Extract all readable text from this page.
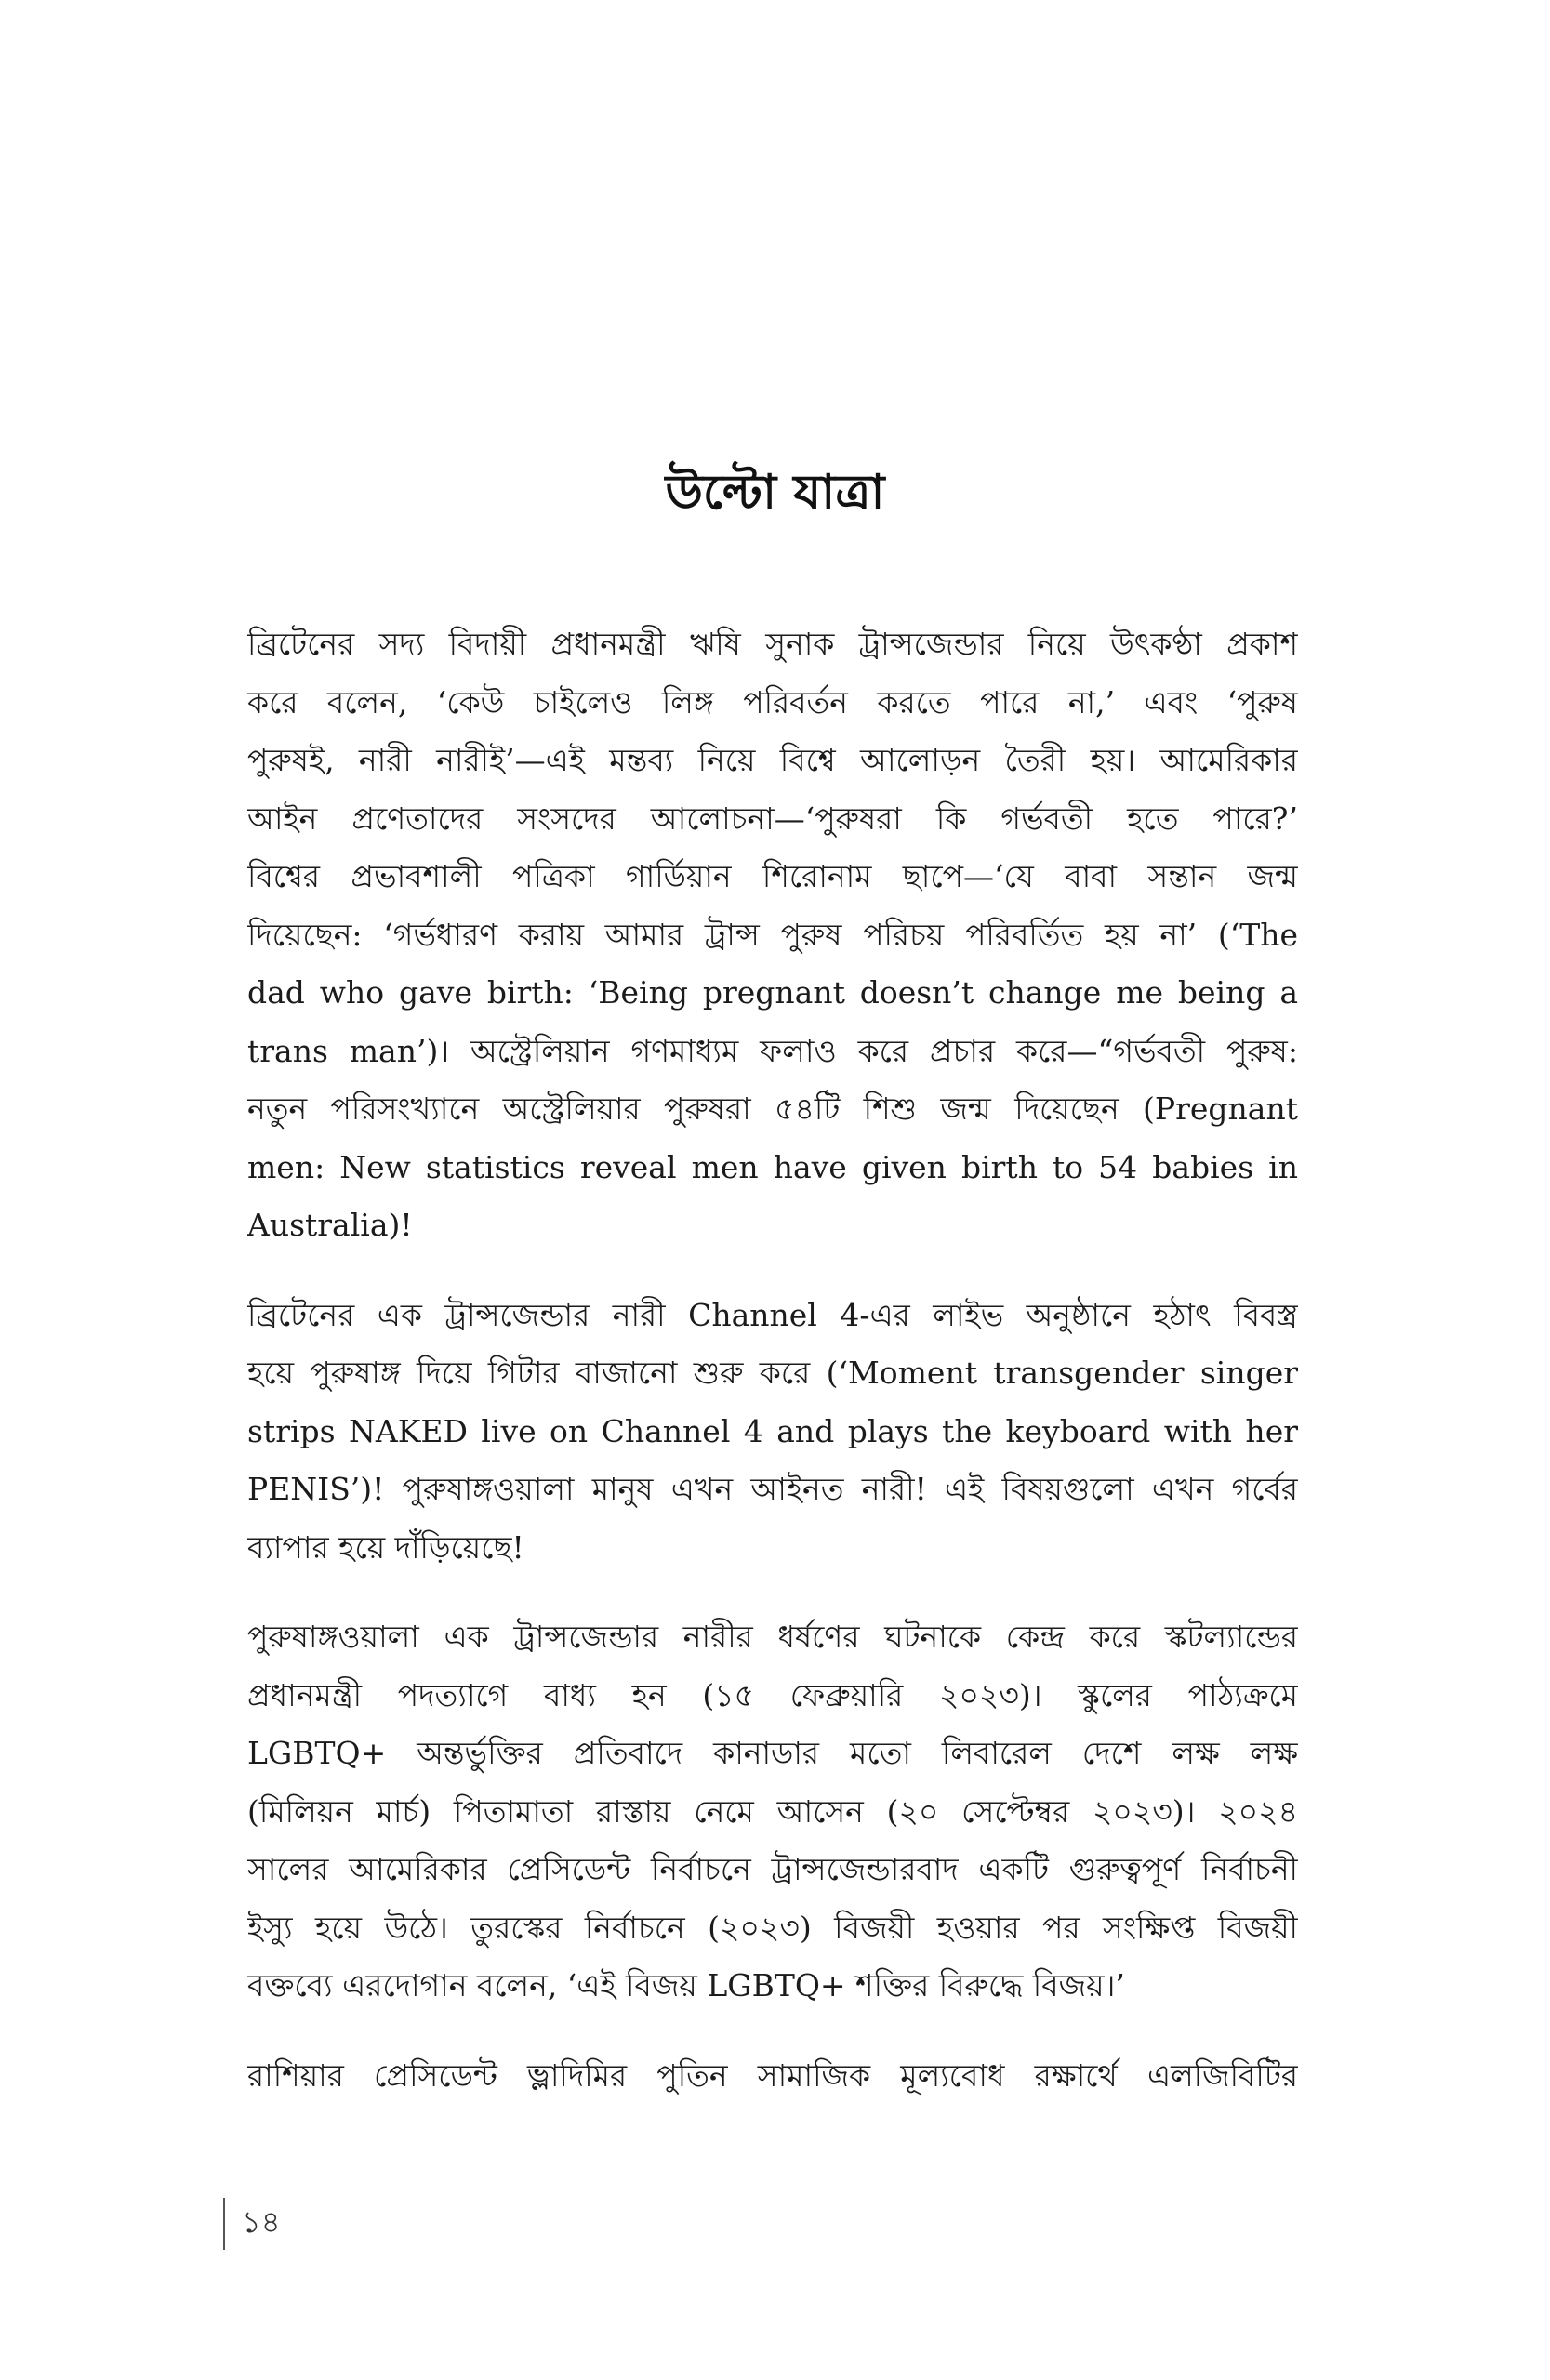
উল্টো যাত্রা

ব্রিটেনের সদ্য বিদায়ী প্রধানমন্ত্রী ঋষি সুনাক ট্রান্সজেন্ডার নিয়ে উৎকণ্ঠা প্রকাশ
করে বলেন, ‘কেউ চাইলেও লিঙ্গ পরিবর্তন করতে পারে না,’ এবং ‘পুরুষ
পুরুষই, নারী নারীই’—এই মন্তব্য নিয়ে বিশ্বে আলোড়ন তৈরী হয়। আমেরিকার
আইন প্রণেতাদের সংসদের আলোচনা—‘পুরুষরা কি গর্ভবতী হতে পারে?’
বিশ্বের প্রভাবশালী পত্রিকা গার্ডিয়ান শিরোনাম ছাপে—‘যে বাবা সন্তান জন্ম
দিয়েছেন: ‘গর্ভধারণ করায় আমার ট্রান্স পুরুষ পরিচয় পরিবর্তিত হয় না’ (‘The
dad who gave birth: ‘Being pregnant doesn’t change me being a
trans man’)। অস্ট্রেলিয়ান গণমাধ্যম ফলাও করে প্রচার করে—“গর্ভবতী পুরুষ:
নতুন পরিসংখ্যানে অস্ট্রেলিয়ার পুরুষরা ৫৪টি শিশু জন্ম দিয়েছেন (Pregnant
men: New statistics reveal men have given birth to 54 babies in
Australia)!

ব্রিটেনের এক ট্রান্সজেন্ডার নারী Channel 4-এর লাইভ অনুষ্ঠানে হঠাৎ বিবস্ত্র
হয়ে পুরুষাঙ্গ দিয়ে গিটার বাজানো শুরু করে (‘Moment transgender singer
strips NAKED live on Channel 4 and plays the keyboard with her
PENIS’)! পুরুষাঙ্গওয়ালা মানুষ এখন আইনত নারী! এই বিষয়গুলো এখন গর্বের
ব্যাপার হয়ে দাঁড়িয়েছে!

পুরুষাঙ্গওয়ালা এক ট্রান্সজেন্ডার নারীর ধর্ষণের ঘটনাকে কেন্দ্র করে স্কটল্যান্ডের
প্রধানমন্ত্রী পদত্যাগে বাধ্য হন (১৫ ফেব্রুয়ারি ২০২৩)। স্কুলের পাঠ্যক্রমে
LGBTQ+ অন্তর্ভুক্তির প্রতিবাদে কানাডার মতো লিবারেল দেশে লক্ষ লক্ষ
(মিলিয়ন মার্চ) পিতামাতা রাস্তায় নেমে আসেন (২০ সেপ্টেম্বর ২০২৩)। ২০২৪
সালের আমেরিকার প্রেসিডেন্ট নির্বাচনে ট্রান্সজেন্ডারবাদ একটি গুরুত্বপূর্ণ নির্বাচনী
ইস্যু হয়ে উঠে। তুরস্কের নির্বাচনে (২০২৩) বিজয়ী হওয়ার পর সংক্ষিপ্ত বিজয়ী
বক্তব্যে এরদোগান বলেন, ‘এই বিজয় LGBTQ+ শক্তির বিরুদ্ধে বিজয়।’

রাশিয়ার প্রেসিডেন্ট ভ্লাদিমির পুতিন সামাজিক মূল্যবোধ রক্ষার্থে এলজিবিটির

১৪
